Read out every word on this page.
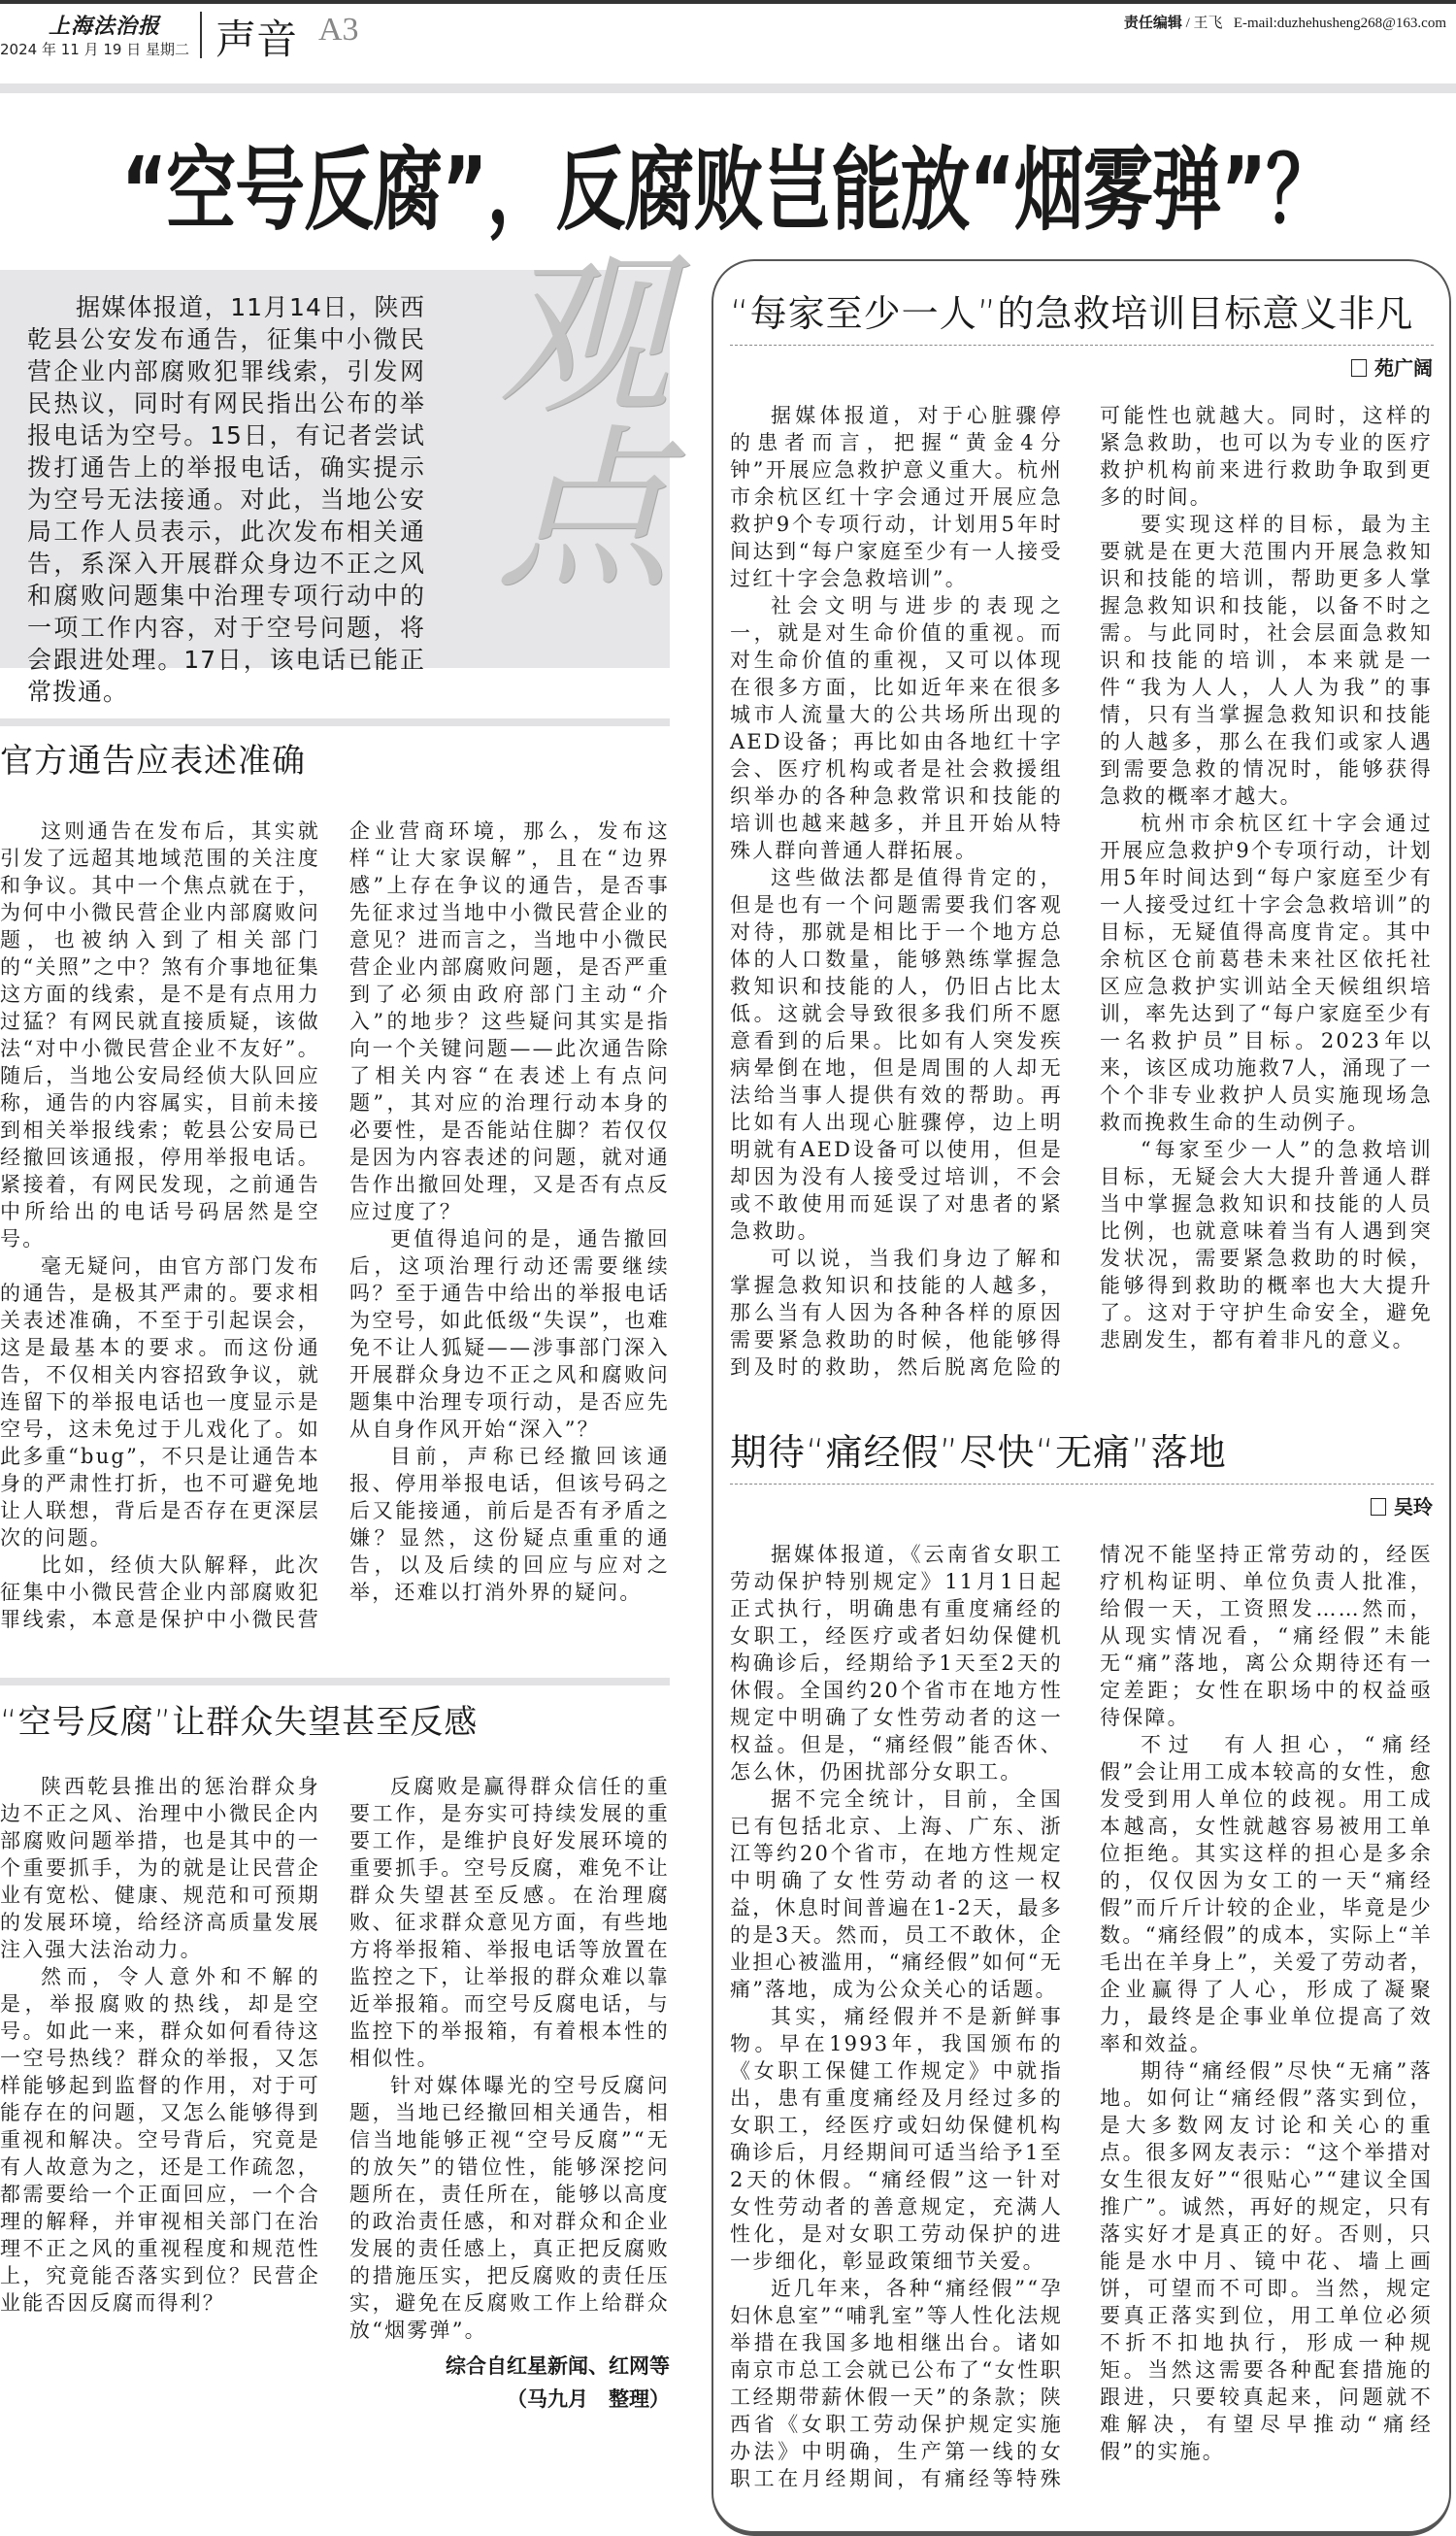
上海法治报
2024 年 11 月 19 日 星期二 声音 A3	责任编辑 / 王飞 E-mail:duzhehusheng268@163.com
“空号反腐”，反腐败岂能放“烟雾弹”？

据媒体报道，11月14日，陕西乾县公安发布通告，征集中小微民营企业内部腐败犯罪线索，引发网民热议，同时有网民指出公布的举报电话为空号。15日，有记者尝试拨打通告上的举报电话，确实提示为空号无法接通。对此，当地公安局工作人员表示，此次发布相关通告，系深入开展群众身边不正之风和腐败问题集中治理专项行动中的一项工作内容，对于空号问题，将会跟进处理。17日，该电话已能正常拨通。

官方通告应表述准确

这则通告在发布后，其实就引发了远超其地域范围的关注度和争议。其中一个焦点就在于，为何中小微民营企业内部腐败问题，也被纳入到了相关部门的“关照”之中？煞有介事地征集这方面的线索，是不是有点用力过猛？有网民就直接质疑，该做法“对中小微民营企业不友好”。随后，当地公安局经侦大队回应称，通告的内容属实，目前未接到相关举报线索；乾县公安局已经撤回该通报，停用举报电话。紧接着，有网民发现，之前通告中所给出的电话号码居然是空号。

毫无疑问，由官方部门发布的通告，是极其严肃的。要求相关表述准确，不至于引起误会，这是最基本的要求。而这份通告，不仅相关内容招致争议，就连留下的举报电话也一度显示是空号，这未免过于儿戏化了。如此多重“bug”，不只是让通告本身的严肃性打折，也不可避免地让人联想，背后是否存在更深层次的问题。

比如，经侦大队解释，此次征集中小微民营企业内部腐败犯罪线索，本意是保护中小微民营企业营商环境，那么，发布这样“让大家误解”，且在“边界感”上存在争议的通告，是否事先征求过当地中小微民营企业的意见？进而言之，当地中小微民营企业内部腐败问题，是否严重到了必须由政府部门主动“介入”的地步？这些疑问其实是指向一个关键问题——此次通告除了相关内容“在表述上有点问题”，其对应的治理行动本身的必要性，是否能站住脚？若仅仅是因为内容表述的问题，就对通告作出撤回处理，又是否有点反应过度了？

更值得追问的是，通告撤回后，这项治理行动还需要继续吗？至于通告中给出的举报电话为空号，如此低级“失误”，也难免不让人狐疑——涉事部门深入开展群众身边不正之风和腐败问题集中治理专项行动，是否应先从自身作风开始“深入”？

目前，声称已经撤回该通报、停用举报电话，但该号码之后又能接通，前后是否有矛盾之嫌？显然，这份疑点重重的通告，以及后续的回应与应对之举，还难以打消外界的疑问。

“空号反腐”让群众失望甚至反感

陕西乾县推出的惩治群众身边不正之风、治理中小微民企内部腐败问题举措，也是其中的一个重要抓手，为的就是让民营企业有宽松、健康、规范和可预期的发展环境，给经济高质量发展注入强大法治动力。

然而，令人意外和不解的是，举报腐败的热线，却是空号。如此一来，群众如何看待这一空号热线？群众的举报，又怎样能够起到监督的作用，对于可能存在的问题，又怎么能够得到重视和解决。空号背后，究竟是有人故意为之，还是工作疏忽，都需要给一个正面回应，一个合理的解释，并审视相关部门在治理不正之风的重视程度和规范性上，究竟能否落实到位？民营企业能否因反腐而得利？

反腐败是赢得群众信任的重要工作，是夯实可持续发展的重要工作，是维护良好发展环境的重要抓手。空号反腐，难免不让群众失望甚至反感。在治理腐败、征求群众意见方面，有些地方将举报箱、举报电话等放置在监控之下，让举报的群众难以靠近举报箱。而空号反腐电话，与监控下的举报箱，有着根本性的相似性。

针对媒体曝光的空号反腐问题，当地已经撤回相关通告，相信当地能够正视“空号反腐”“无的放矢”的错位性，能够深挖问题所在，责任所在，能够以高度的政治责任感，和对群众和企业发展的责任感上，真正把反腐败的措施压实，把反腐败的责任压实，避免在反腐败工作上给群众放“烟雾弹”。

综合自红星新闻、红网等
（马九月　整理）
观点 “每家至少一人”的急救培训目标意义非凡
苑广阔

据媒体报道，对于心脏骤停的患者而言，把握“黄金4分钟”开展应急救护意义重大。杭州市余杭区红十字会通过开展应急救护9个专项行动，计划用5年时间达到“每户家庭至少有一人接受过红十字会急救培训”。

社会文明与进步的表现之一，就是对生命价值的重视。而对生命价值的重视，又可以体现在很多方面，比如近年来在很多城市人流量大的公共场所出现的AED设备；再比如由各地红十字会、医疗机构或者是社会救援组织举办的各种急救常识和技能的培训也越来越多，并且开始从特殊人群向普通人群拓展。

这些做法都是值得肯定的，但是也有一个问题需要我们客观对待，那就是相比于一个地方总体的人口数量，能够熟练掌握急救知识和技能的人，仍旧占比太低。这就会导致很多我们所不愿意看到的后果。比如有人突发疾病晕倒在地，但是周围的人却无法给当事人提供有效的帮助。再比如有人出现心脏骤停，边上明明就有AED设备可以使用，但是却因为没有人接受过培训，不会或不敢使用而延误了对患者的紧急救助。

可以说，当我们身边了解和掌握急救知识和技能的人越多，那么当有人因为各种各样的原因需要紧急救助的时候，他能够得到及时的救助，然后脱离危险的可能性也就越大。同时，这样的紧急救助，也可以为专业的医疗救护机构前来进行救助争取到更多的时间。

要实现这样的目标，最为主要就是在更大范围内开展急救知识和技能的培训，帮助更多人掌握急救知识和技能，以备不时之需。与此同时，社会层面急救知识和技能的培训，本来就是一件“我为人人，人人为我”的事情，只有当掌握急救知识和技能的人越多，那么在我们或家人遇到需要急救的情况时，能够获得急救的概率才越大。

杭州市余杭区红十字会通过开展应急救护9个专项行动，计划用5年时间达到“每户家庭至少有一人接受过红十字会急救培训”的目标，无疑值得高度肯定。其中余杭区仓前葛巷未来社区依托社区应急救护实训站全天候组织培训，率先达到了“每户家庭至少有一名救护员”目标。2023年以来，该区成功施救7人，涌现了一个个非专业救护人员实施现场急救而挽救生命的生动例子。

“每家至少一人”的急救培训目标，无疑会大大提升普通人群当中掌握急救知识和技能的人员比例，也就意味着当有人遇到突发状况，需要紧急救助的时候，能够得到救助的概率也大大提升了。这对于守护生命安全，避免悲剧发生，都有着非凡的意义。

期待“痛经假”尽快“无痛”落地
吴玲

据媒体报道，《云南省女职工劳动保护特别规定》11月1日起正式执行，明确患有重度痛经的女职工，经医疗或者妇幼保健机构确诊后，经期给予1天至2天的休假。全国约20个省市在地方性规定中明确了女性劳动者的这一权益。但是，“痛经假”能否休、怎么休，仍困扰部分女职工。

据不完全统计，目前，全国已有包括北京、上海、广东、浙江等约20个省市，在地方性规定中明确了女性劳动者的这一权益，休息时间普遍在1-2天，最多的是3天。然而，员工不敢休，企业担心被滥用，“痛经假”如何“无痛”落地，成为公众关心的话题。

其实，痛经假并不是新鲜事物。早在1993年，我国颁布的《女职工保健工作规定》中就指出，患有重度痛经及月经过多的女职工，经医疗或妇幼保健机构确诊后，月经期间可适当给予1至2天的休假。“痛经假”这一针对女性劳动者的善意规定，充满人性化，是对女职工劳动保护的进一步细化，彰显政策细节关爱。

近几年来，各种“痛经假”“孕妇休息室”“哺乳室”等人性化法规举措在我国多地相继出台。诸如南京市总工会就已公布了“女性职工经期带薪休假一天”的条款；陕西省《女职工劳动保护规定实施办法》中明确，生产第一线的女职工在月经期间，有痛经等特殊情况不能坚持正常劳动的，经医疗机构证明、单位负责人批准，给假一天，工资照发……然而，从现实情况看，“痛经假”未能无“痛”落地，离公众期待还有一定差距；女性在职场中的权益亟待保障。

不过　有人担心，“痛经假”会让用工成本较高的女性，愈发受到用人单位的歧视。用工成本越高，女性就越容易被用工单位拒绝。其实这样的担心是多余的，仅仅因为女工的一天“痛经假”而斤斤计较的企业，毕竟是少数。“痛经假”的成本，实际上“羊毛出在羊身上”，关爱了劳动者，企业赢得了人心，形成了凝聚力，最终是企事业单位提高了效率和效益。

期待“痛经假”尽快“无痛”落地。如何让“痛经假”落实到位，是大多数网友讨论和关心的重点。很多网友表示：“这个举措对女生很友好”“很贴心”“建议全国推广”。诚然，再好的规定，只有落实好才是真正的好。否则，只能是水中月、镜中花、墙上画饼，可望而不可即。当然，规定要真正落实到位，用工单位必须不折不扣地执行，形成一种规矩。当然这需要各种配套措施的跟进，只要较真起来，问题就不难解决，有望尽早推动“痛经假”的实施。
